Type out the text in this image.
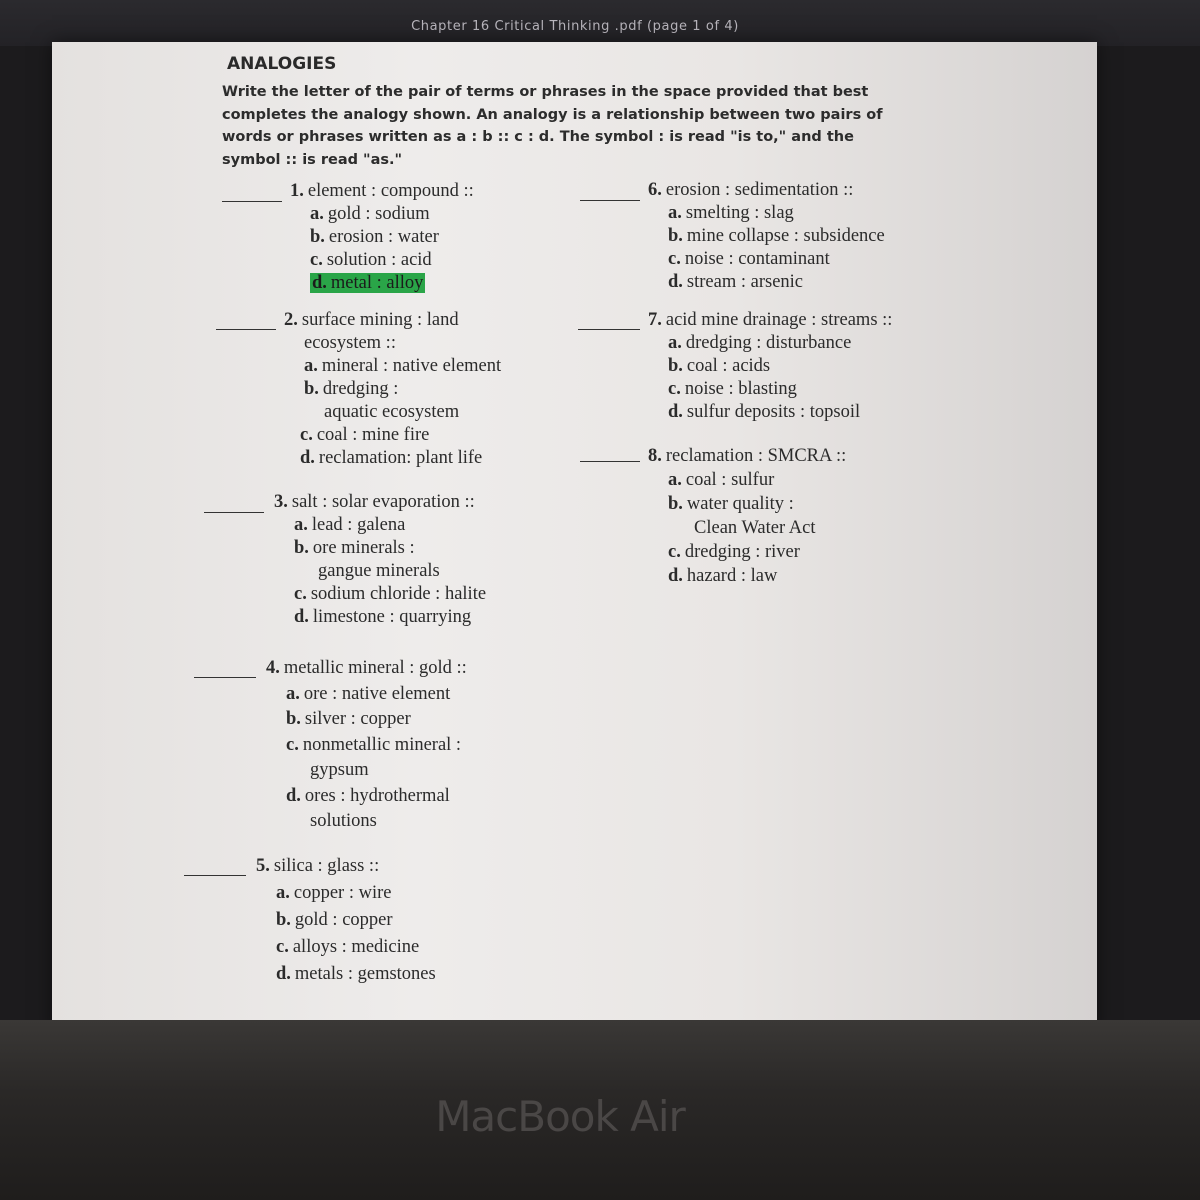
Chapter 16 Critical Thinking .pdf (page 1 of 4)
ANALOGIES
Write the letter of the pair of terms or phrases in the space provided that best completes the analogy shown. An analogy is a relationship between two pairs of words or phrases written as a : b :: c : d. The symbol : is read "is to," and the symbol :: is read "as."
1. element : compound ::
a. gold : sodium
b. erosion : water
c. solution : acid
d. metal : alloy
2. surface mining : land
ecosystem ::
a. mineral : native element
b. dredging :
aquatic ecosystem
c. coal : mine fire
d. reclamation: plant life
3. salt : solar evaporation ::
a. lead : galena
b. ore minerals :
gangue minerals
c. sodium chloride : halite
d. limestone : quarrying
4. metallic mineral : gold ::
a. ore : native element
b. silver : copper
c. nonmetallic mineral :
gypsum
d. ores : hydrothermal
solutions
5. silica : glass ::
a. copper : wire
b. gold : copper
c. alloys : medicine
d. metals : gemstones
6. erosion : sedimentation ::
a. smelting : slag
b. mine collapse : subsidence
c. noise : contaminant
d. stream : arsenic
7. acid mine drainage : streams ::
a. dredging : disturbance
b. coal : acids
c. noise : blasting
d. sulfur deposits : topsoil
8. reclamation : SMCRA ::
a. coal : sulfur
b. water quality :
Clean Water Act
c. dredging : river
d. hazard : law
MacBook Air
